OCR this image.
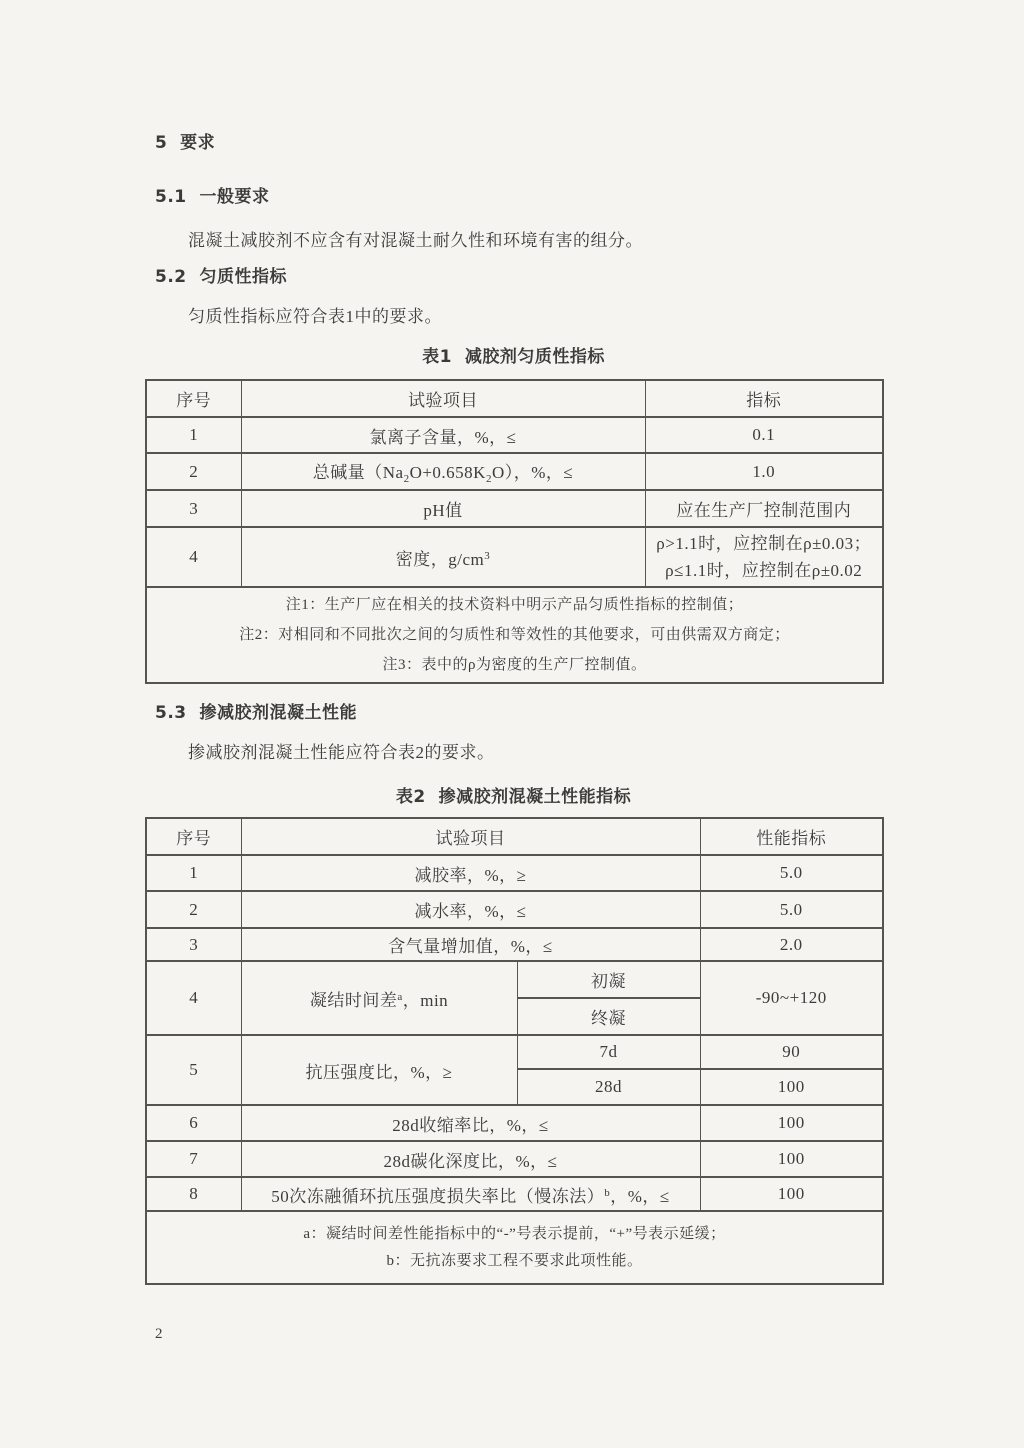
5  要求
5.1  一般要求
混凝土减胶剂不应含有对混凝土耐久性和环境有害的组分。
5.2  匀质性指标
匀质性指标应符合表1中的要求。
表1  减胶剂匀质性指标
序号	试验项目	指标
1	氯离子含量，%，≤	0.1
2	总碱量$(Na_2O+0.658K_2O)$，%，≤	1.0
3	pH值	应在生产厂控制范围内
4	密度，$g/cm^3$	ρ>1.1时，应控制在ρ±0.03；
ρ≤1.1时，应控制在ρ±0.02

注1：生产厂应在相关的技术资料中明示产品匀质性指标的控制值；
注2：对相同和不同批次之间的匀质性和等效性的其他要求，可由供需双方商定；
注3：表中的ρ为密度的生产厂控制值。		
5.3  掺减胶剂混凝土性能
掺减胶剂混凝土性能应符合表2的要求。
表2  掺减胶剂混凝土性能指标
序号	试验项目		性能指标
1	减胶率，%，≥		5.0
2	减水率，%，≤		5.0
3	含气量增加值，%，≤		2.0
4	凝结时间差$^a$，min	初凝	-90~+120
		终凝	
5	抗压强度比，%，≥	7d	90
		28d	100
6	28d收缩率比，%，≤		100
7	28d碳化深度比，%，≤		100
8	50次冻融循环抗压强度损失率比（慢冻法）$^b$，%，≤		100

a：凝结时间差性能指标中的“-”号表示提前，“+”号表示延缓；
b：无抗冻要求工程不要求此项性能。			
2
